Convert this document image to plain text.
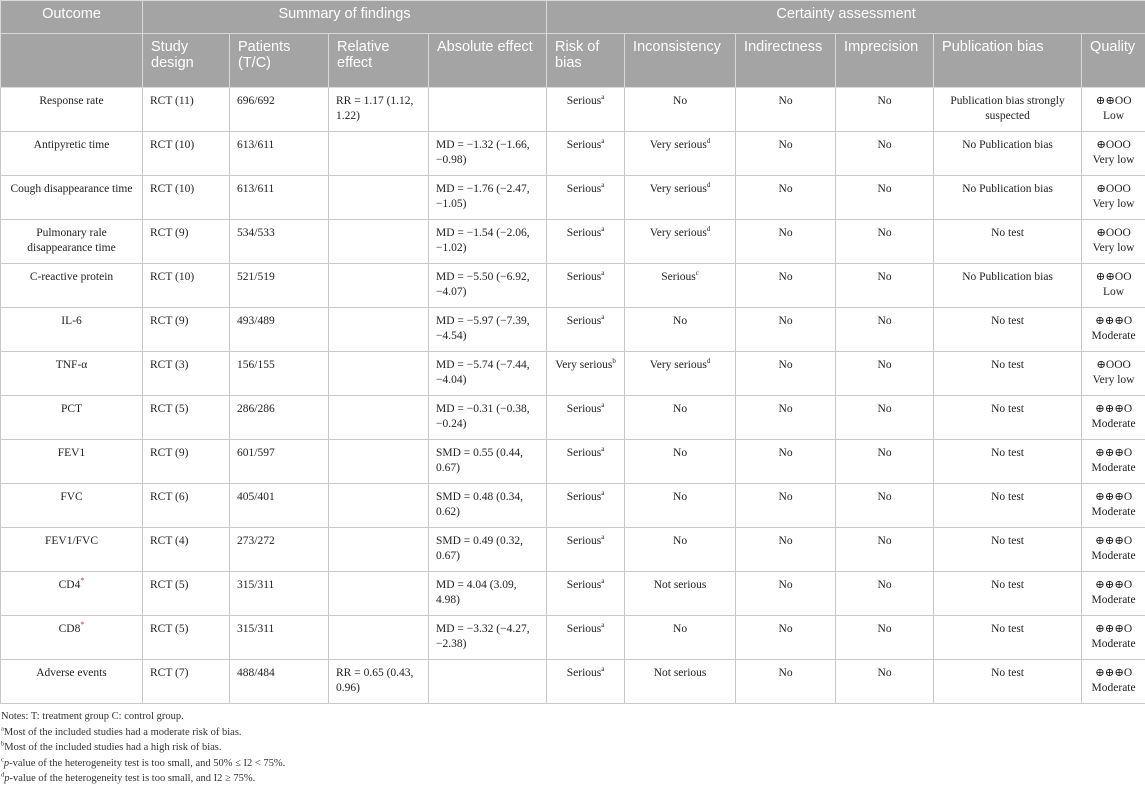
Outcome	Summary of findings				Certainty assessment					
	Study design	Patients (T/C)	Relative effect	Absolute effect	Risk of bias	Inconsistency	Indirectness	Imprecision	Publication bias	Quality
Response rate	RCT (11)	696/692	RR = 1.17 (1.12, 1.22)		Serious$^a$	No	No	No	Publication bias strongly suspected	⊕⊕OO
Low

Antipyretic time	RCT (10)	613/611		MD = −1.32 (−1.66, −0.98)	Serious$^a$	Very serious$^d$	No	No	No Publication bias	⊕OOO
Very low

Cough disappearance time	RCT (10)	613/611		MD = −1.76 (−2.47, −1.05)	Serious$^a$	Very serious$^d$	No	No	No Publication bias	⊕OOO
Very low

Pulmonary rale disappearance time	RCT (9)	534/533		MD = −1.54 (−2.06, −1.02)	Serious$^a$	Very serious$^d$	No	No	No test	⊕OOO
Very low

C-reactive protein	RCT (10)	521/519		MD = −5.50 (−6.92, −4.07)	Serious$^a$	Serious$^c$	No	No	No Publication bias	⊕⊕OO
Low

IL-6	RCT (9)	493/489		MD = −5.97 (−7.39, −4.54)	Serious$^a$	No	No	No	No test	⊕⊕⊕O
Moderate

TNF-α	RCT (3)	156/155		MD = −5.74 (−7.44, −4.04)	Very serious$^b$	Very serious$^d$	No	No	No test	⊕OOO
Very low

PCT	RCT (5)	286/286		MD = −0.31 (−0.38, −0.24)	Serious$^a$	No	No	No	No test	⊕⊕⊕O
Moderate

FEV1	RCT (9)	601/597		SMD = 0.55 (0.44, 0.67)	Serious$^a$	No	No	No	No test	⊕⊕⊕O
Moderate

FVC	RCT (6)	405/401		SMD = 0.48 (0.34, 0.62)	Serious$^a$	No	No	No	No test	⊕⊕⊕O
Moderate

FEV1/FVC	RCT (4)	273/272		SMD = 0.49 (0.32, 0.67)	Serious$^a$	No	No	No	No test	⊕⊕⊕O
Moderate

CD4*	RCT (5)	315/311		MD = 4.04 (3.09, 4.98)	Serious$^a$	Not serious	No	No	No test	⊕⊕⊕O
Moderate

CD8*	RCT (5)	315/311		MD = −3.32 (−4.27, −2.38)	Serious$^a$	No	No	No	No test	⊕⊕⊕O
Moderate

Adverse events	RCT (7)	488/484	RR = 0.65 (0.43, 0.96)		Serious$^a$	Not serious	No	No	No test	⊕⊕⊕O
Moderate
Notes: T: treatment group C: control group.
$^a$Most of the included studies had a moderate risk of bias.
$^b$Most of the included studies had a high risk of bias.
$^c$p-value of the heterogeneity test is too small, and 50% ≤ I2 < 75%.
$^d$p-value of the heterogeneity test is too small, and I2 ≥ 75%.
